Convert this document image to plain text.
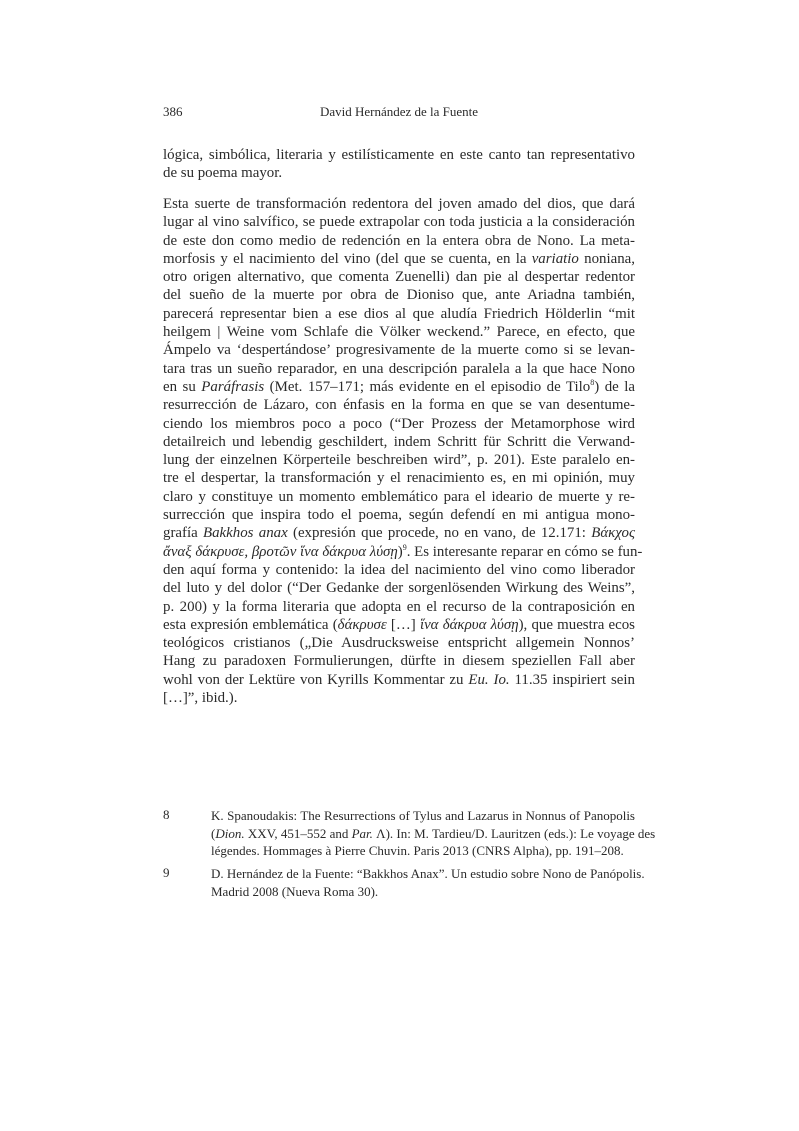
386	David Hernández de la Fuente
lógica, simbólica, literaria y estilísticamente en este canto tan representativo
de su poema mayor.
Esta suerte de transformación redentora del joven amado del dios, que dará
lugar al vino salvífico, se puede extrapolar con toda justicia a la consideración
de este don como medio de redención en la entera obra de Nono. La meta-
morfosis y el nacimiento del vino (del que se cuenta, en la variatio noniana,
otro origen alternativo, que comenta Zuenelli) dan pie al despertar redentor
del sueño de la muerte por obra de Dioniso que, ante Ariadna también,
parecerá representar bien a ese dios al que aludía Friedrich Hölderlin “mit
heilgem | Weine vom Schlafe die Völker weckend.” Parece, en efecto, que
Ámpelo va ‘despertándose’ progresivamente de la muerte como si se levan-
tara tras un sueño reparador, en una descripción paralela a la que hace Nono
en su Paráfrasis (Met. 157–171; más evidente en el episodio de Tilo$^8$) de la
resurrección de Lázaro, con énfasis en la forma en que se van desentume-
ciendo los miembros poco a poco (“Der Prozess der Metamorphose wird
detailreich und lebendig geschildert, indem Schritt für Schritt die Verwand-
lung der einzelnen Körperteile beschreiben wird”, p. 201). Este paralelo en-
tre el despertar, la transformación y el renacimiento es, en mi opinión, muy
claro y constituye un momento emblemático para el ideario de muerte y re-
surrección que inspira todo el poema, según defendí en mi antigua mono-
grafía Bakkhos anax (expresión que procede, no en vano, de 12.171: Βάκχος
ἄναξ δάκρυσε, βροτῶν ἵνα δάκρυα λύσῃ)$^9$. Es interesante reparar en cómo se fun-
den aquí forma y contenido: la idea del nacimiento del vino como liberador
del luto y del dolor (“Der Gedanke der sorgenlösenden Wirkung des Weins”,
p. 200) y la forma literaria que adopta en el recurso de la contraposición en
esta expresión emblemática (δάκρυσε […] ἵνα δάκρυα λύσῃ), que muestra ecos
teológicos cristianos („Die Ausdrucksweise entspricht allgemein Nonnos’
Hang zu paradoxen Formulierungen, dürfte in diesem speziellen Fall aber
wohl von der Lektüre von Kyrills Kommentar zu Eu. Io. 11.35 inspiriert sein
[…]”, ibid.).
8	K. Spanoudakis: The Resurrections of Tylus and Lazarus in Nonnus of Panopolis
(Dion. XXV, 451–552 and Par. Λ). In: M. Tardieu/D. Lauritzen (eds.): Le voyage des
légendes. Hommages à Pierre Chuvin. Paris 2013 (CNRS Alpha), pp. 191–208.
9	D. Hernández de la Fuente: “Bakkhos Anax”. Un estudio sobre Nono de Panópolis.
Madrid 2008 (Nueva Roma 30).
